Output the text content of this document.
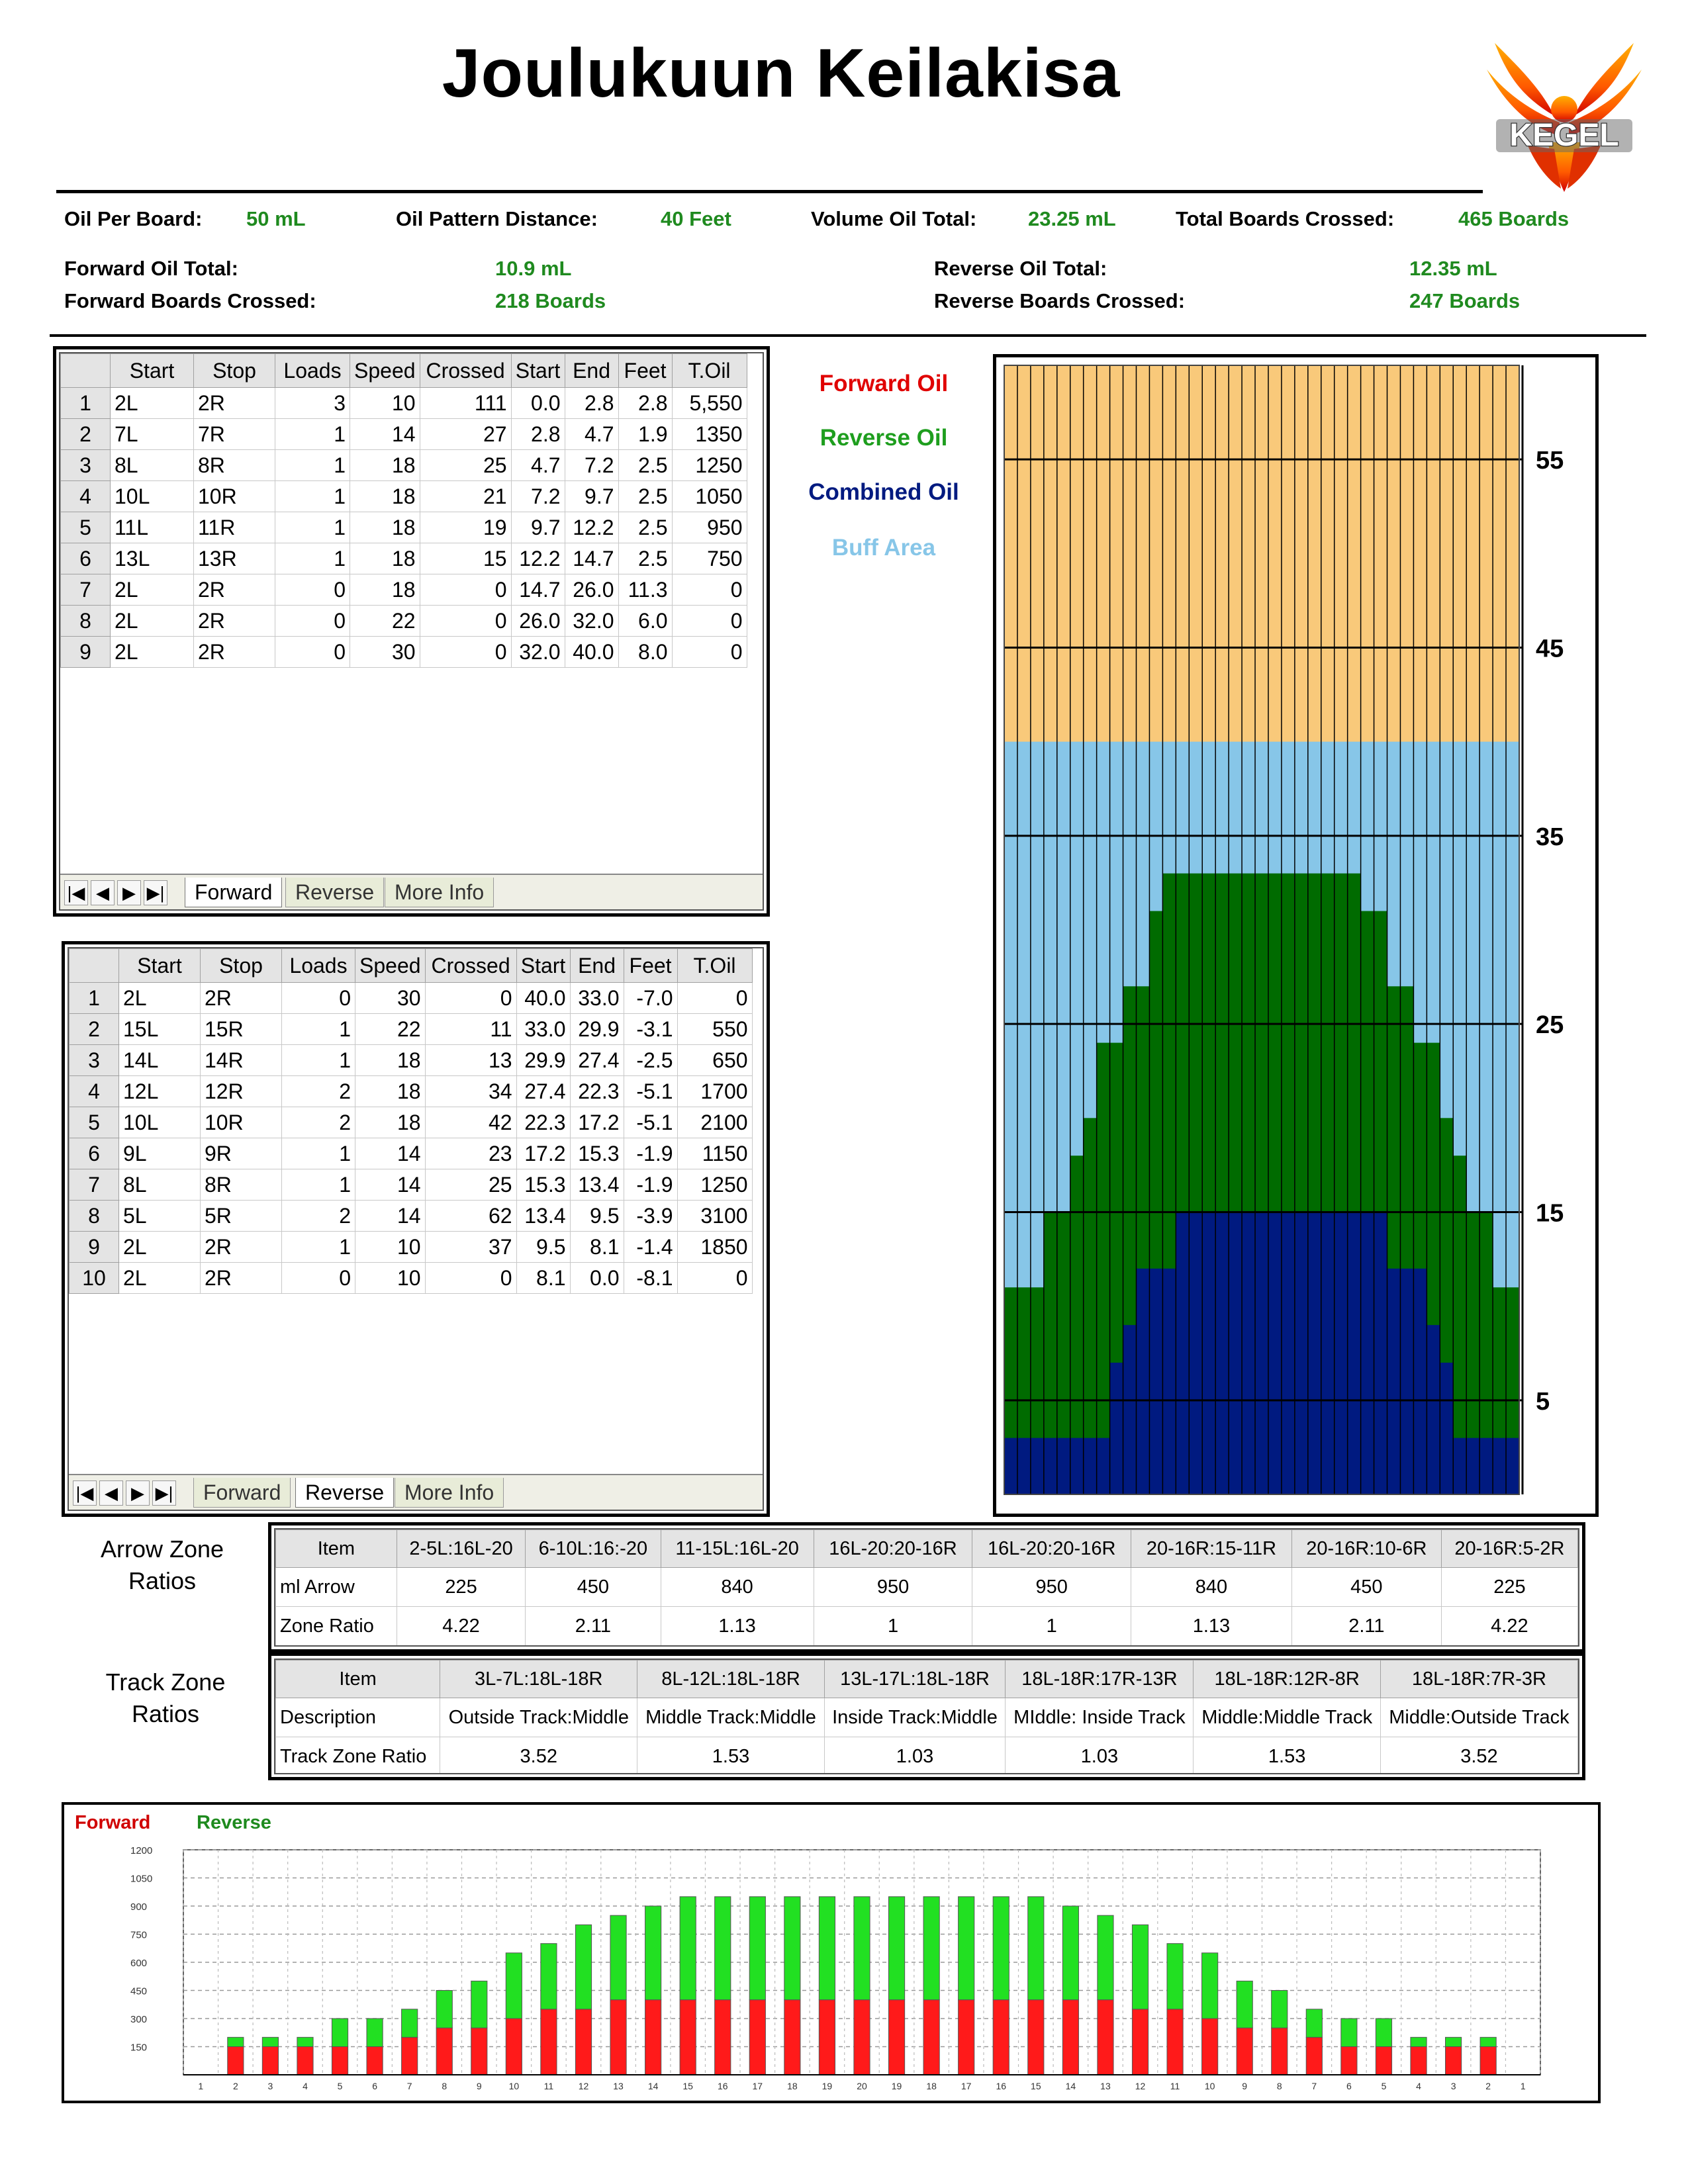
Joulukuun Keilakisa
KEGEL
Oil Per Board: 50 mL	Oil Pattern Distance:	40 Feet	Volume Oil Total:	23.25 mL	Total Boards Crossed:	465 Boards
Forward Oil Total:	10.9 mL
Forward Boards Crossed:	218 Boards
Reverse Oil Total:	12.35 mL
Reverse Boards Crossed:	247 Boards
	Start	Stop	Loads	Speed	Crossed	Start	End	Feet	T.Oil
1	2L	2R	3	10	111	0.0	2.8	2.8	5,550
2	7L	7R	1	14	27	2.8	4.7	1.9	1350
3	8L	8R	1	18	25	4.7	7.2	2.5	1250
4	10L	10R	1	18	21	7.2	9.7	2.5	1050
5	11L	11R	1	18	19	9.7	12.2	2.5	950
6	13L	13R	1	18	15	12.2	14.7	2.5	750
7	2L	2R	0	18	0	14.7	26.0	11.3	0
8	2L	2R	0	22	0	26.0	32.0	6.0	0
9	2L	2R	0	30	0	32.0	40.0	8.0	0
|◀ ◀ ▶ ▶|	Forward	Reverse More Info
	Start	Stop	Loads	Speed	Crossed	Start	End	Feet	T.Oil
1	2L	2R	0	30	0	40.0	33.0	-7.0	0
2	15L	15R	1	22	11	33.0	29.9	-3.1	550
3	14L	14R	1	18	13	29.9	27.4	-2.5	650
4	12L	12R	2	18	34	27.4	22.3	-5.1	1700
5	10L	10R	2	18	42	22.3	17.2	-5.1	2100
6	9L	9R	1	14	23	17.2	15.3	-1.9	1150
7	8L	8R	1	14	25	15.3	13.4	-1.9	1250
8	5L	5R	2	14	62	13.4	9.5	-3.9	3100
9	2L	2R	1	10	37	9.5	8.1	-1.4	1850
10	2L	2R	0	10	0	8.1	0.0	-8.1	0
|◀ ◀ ▶ ▶|	Forward	Reverse More Info
Forward Oil
Reverse Oil
Combined Oil
Buff Area
55
45
35
25
15
5
Arrow Zone
Ratios
Item	2-5L:16L-20	6-10L:16:-20	11-15L:16L-20	16L-20:20-16R	16L-20:20-16R	20-16R:15-11R	20-16R:10-6R	20-16R:5-2R
ml Arrow	225	450	840	950	950	840	450	225
Zone Ratio	4.22	2.11	1.13	1	1	1.13	2.11	4.22
Track Zone
Ratios
Item	3L-7L:18L-18R	8L-12L:18L-18R	13L-17L:18L-18R	18L-18R:17R-13R	18L-18R:12R-8R	18L-18R:7R-3R
Description	Outside Track:Middle	Middle Track:Middle	Inside Track:Middle	MIddle: Inside Track	Middle:Middle Track	Middle:Outside Track
Track Zone Ratio	3.52	1.53	1.03	1.03	1.53	3.52
Forward Reverse
1200
1050
900
750
600
450
300
150
1	2	3	4	5	6	7	8	9	10	11	12	13	14	15	16	17	18	19	20	19	18	17	16	15	14	13	12	11	10	9	8	7	6	5	4	3	2	1
